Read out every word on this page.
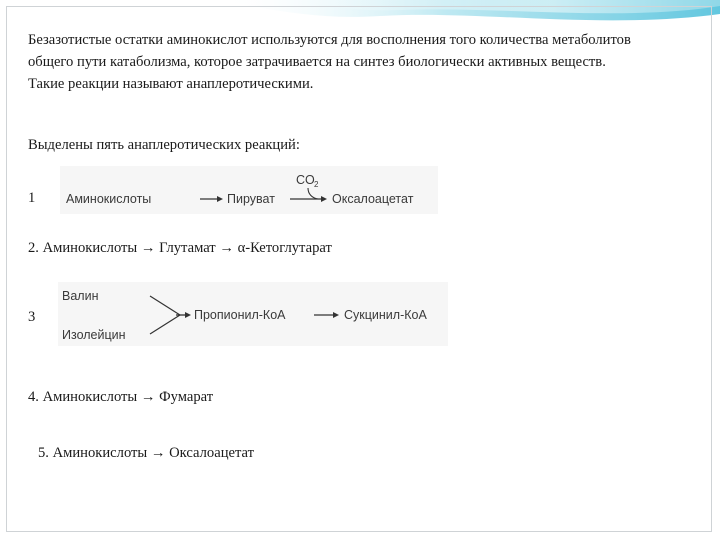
Безазотистые остатки аминокислот используются для восполнения того количества метаболитов общего пути катаболизма, которое затрачивается на синтез биологически активных веществ. Такие реакции называют анаплеротическими.

Выделены пять анаплеротических реакций:

1 Аминокислоты	Пируват
CO 2
Оксалоацетат
2. Аминокислоты → Глутамат → α-Кетоглутарат
3
Валин
Изолейцин
Пропионил-КоА	Сукцинил-КоА
4. Аминокислоты → Фумарат
5. Аминокислоты → Оксалоацетат
